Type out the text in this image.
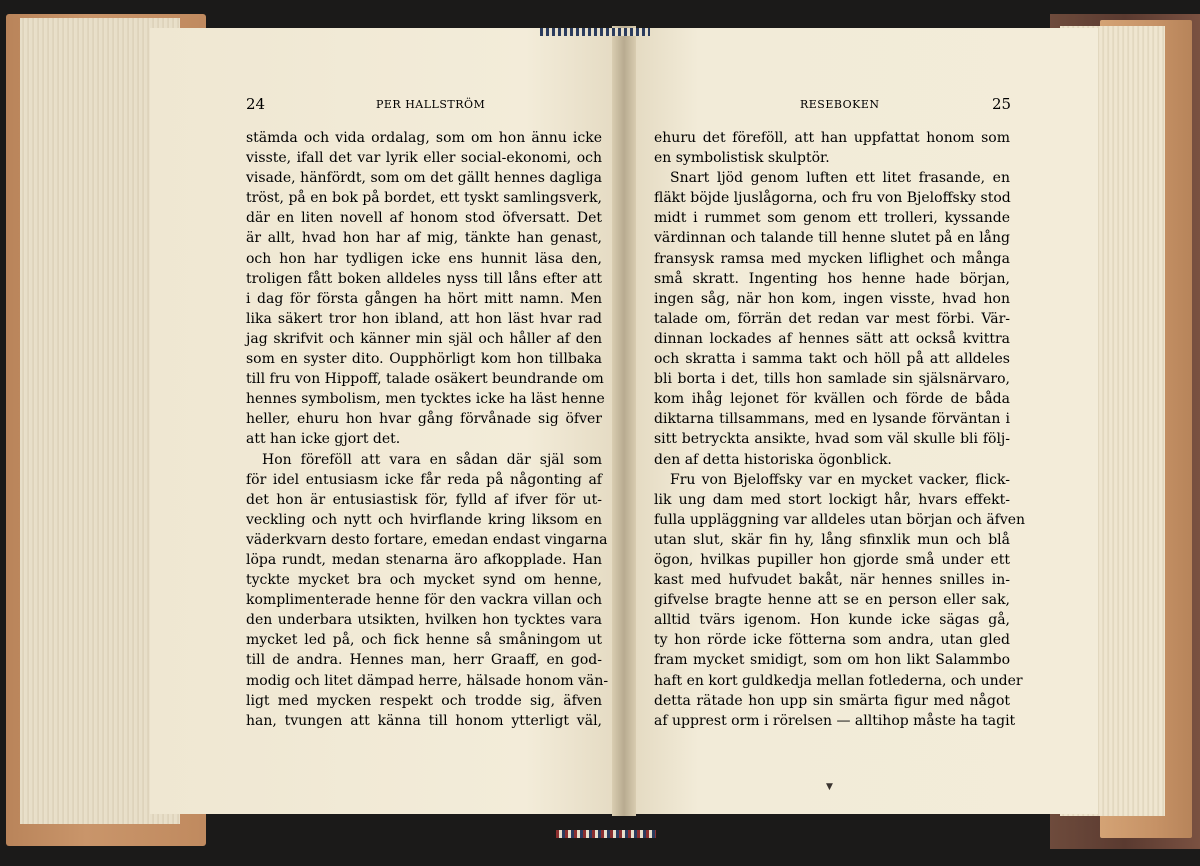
24	PER HALLSTRÖM	RESEBOKEN	25
stämda och vida ordalag, som om hon ännu icke
visste, ifall det var lyrik eller social-ekonomi, och
visade, hänfördt, som om det gällt hennes dagliga
tröst, på en bok på bordet, ett tyskt samlingsverk,
där en liten novell af honom stod öfversatt. Det
är allt, hvad hon har af mig, tänkte han genast,
och hon har tydligen icke ens hunnit läsa den,
troligen fått boken alldeles nyss till låns efter att
i dag för första gången ha hört mitt namn. Men
lika säkert tror hon ibland, att hon läst hvar rad
jag skrifvit och känner min själ och håller af den
som en syster dito. Oupphörligt kom hon tillbaka
till fru von Hippoff, talade osäkert beundrande om
hennes symbolism, men tycktes icke ha läst henne
heller, ehuru hon hvar gång förvånade sig öfver
att han icke gjort det.
Hon föreföll att vara en sådan där själ som
för idel entusiasm icke får reda på någonting af
det hon är entusiastisk för, fylld af ifver för ut-
veckling och nytt och hvirflande kring liksom en
väderkvarn desto fortare, emedan endast vingarna
löpa rundt, medan stenarna äro afkopplade. Han
tyckte mycket bra och mycket synd om henne,
komplimenterade henne för den vackra villan och
den underbara utsikten, hvilken hon tycktes vara
mycket led på, och fick henne så småningom ut
till de andra. Hennes man, herr Graaff, en god-
modig och litet dämpad herre, hälsade honom vän-
ligt med mycken respekt och trodde sig, äfven
han, tvungen att känna till honom ytterligt väl,
ehuru det föreföll, att han uppfattat honom som
en symbolistisk skulptör.
Snart ljöd genom luften ett litet frasande, en
fläkt böjde ljuslågorna, och fru von Bjeloffsky stod
midt i rummet som genom ett trolleri, kyssande
värdinnan och talande till henne slutet på en lång
fransysk ramsa med mycken liflighet och många
små skratt. Ingenting hos henne hade början,
ingen såg, när hon kom, ingen visste, hvad hon
talade om, förrän det redan var mest förbi. Vär-
dinnan lockades af hennes sätt att också kvittra
och skratta i samma takt och höll på att alldeles
bli borta i det, tills hon samlade sin själsnärvaro,
kom ihåg lejonet för kvällen och förde de båda
diktarna tillsammans, med en lysande förväntan i
sitt betryckta ansikte, hvad som väl skulle bli följ-
den af detta historiska ögonblick.
Fru von Bjeloffsky var en mycket vacker, flick-
lik ung dam med stort lockigt hår, hvars effekt-
fulla uppläggning var alldeles utan början och äfven
utan slut, skär fin hy, lång sfinxlik mun och blå
ögon, hvilkas pupiller hon gjorde små under ett
kast med hufvudet bakåt, när hennes snilles in-
gifvelse bragte henne att se en person eller sak,
alltid tvärs igenom. Hon kunde icke sägas gå,
ty hon rörde icke fötterna som andra, utan gled
fram mycket smidigt, som om hon likt Salammbo
haft en kort guldkedja mellan fotlederna, och under
detta rätade hon upp sin smärta figur med något
af upprest orm i rörelsen — alltihop måste ha tagit
▼
